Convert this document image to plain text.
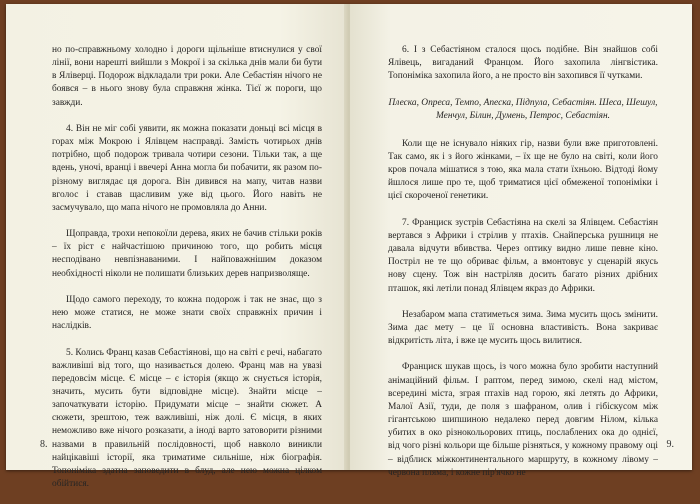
но по-справжньому холодно і дороги щільніше втиснулися у свої лінії, вони нарешті вийшли з Мокрої і за скілька днів мали би бути в Яліверці. Подорож відкладали три роки. Але Себастіян нічого не боявся – в нього знову була справжня жінка. Тієї ж пороги, що завжди.

4. Він не міг собі уявити, як можна показати доньці всі місця в горах між Мокрою і Ялівцем насправді. Замість чотирьох днів потрібно, щоб подорож тривала чотири сезони. Тільки так, а ще вдень, уночі, вранці і ввечері Анна могла би побачити, як разом по-різному виглядає ця дорога. Він дивився на мапу, читав назви вголос і ставав щасливим уже від цього. Його навіть не засмучувало, що мапа нічого не промовляла до Анни.

Щоправда, трохи непокоїли дерева, яких не бачив стільки років – їх ріст є найчастішою причиною того, що робить місця несподівано невпізнаваними. І найповажнішим доказом необхідності ніколи не полишати близьких дерев напризволяще.

Щодо самого переходу, то кожна подорож і так не знає, що з нею може статися, не може знати своїх справжніх причин і наслідків.

5. Колись Франц казав Себастіянові, що на світі є речі, набагато важливіші від того, що називається долею. Франц мав на увазі передовсім місце. Є місце – є історія (якщо ж снується історія, значить, мусить бути відповідне місце). Знайти місце – започаткувати історію. Придумати місце – знайти сюжет. А сюжети, зрештою, теж важливіші, ніж долі. Є місця, в яких неможливо вже нічого розказати, а іноді варто затоворити різними назвами в правильній послідовності, щоб навколо виникли найцікавіші історії, яка триматиме сильніше, ніж біографія. Топоніміка здатна заповедити в блуд, але нею можна цілком обійтися.

8.

6. І з Себастіяном сталося щось подібне. Він знайшов собі Ялівець, вигаданий Францом. Його захопила лінгвістика. Топоніміка захопила його, а не просто він захопився її чутками.

Плеска, Опреса, Темпо, Апеска, Підпула, Себастіян. Шеса, Шешул, Менчул, Білин, Думень, Петрос, Себастіян.

Коли ще не існувало ніяких гір, назви були вже приготовлені. Так само, як і з його жінками, – їх ще не було на світі, коли його кров почала мішатися з тою, яка мала стати їхньою. Відтоді йому йшлося лише про те, щоб триматися цієї обмеженої топоніміки і цієї скороченої генетики.

7. Франциск зустрів Себастіяна на скелі за Ялівцем. Себастіян вертався з Африки і стрілив у птахів. Снайперська рушниця не давала відчути вбивства. Через оптику видно лише певне кіно. Постріл не те що обриває фільм, а вмонтовує у сценарій якусь нову сцену. Тож він настріляв досить багато різних дрібних пташок, які летіли понад Ялівцем якраз до Африки.

Незабаром мапа статиметься зима. Зима мусить щось змінити. Зима дає мету – це її основна властивість. Вона закриває відкритість літа, і вже це мусить щось вилитися.

Франциск шукав щось, із чого можна було зробити наступний анімаційний фільм. І раптом, перед зимою, скелі над містом, всередині міста, зграя птахів над горою, які летять до Африки, Малої Азії, туди, де поля з шафраном, олив і гібіскусом між гігантською шипшиною недалеко перед довгим Нілом, кілька убитих в око різнокольорових птиць, послаблених ока до однієї, від чого різні кольори ще більше різняться, у кожному правому оці – відблиск міжконтинентального маршруту, в кожному лівому – червона пляма, і кожне пір'ячко не

9.
